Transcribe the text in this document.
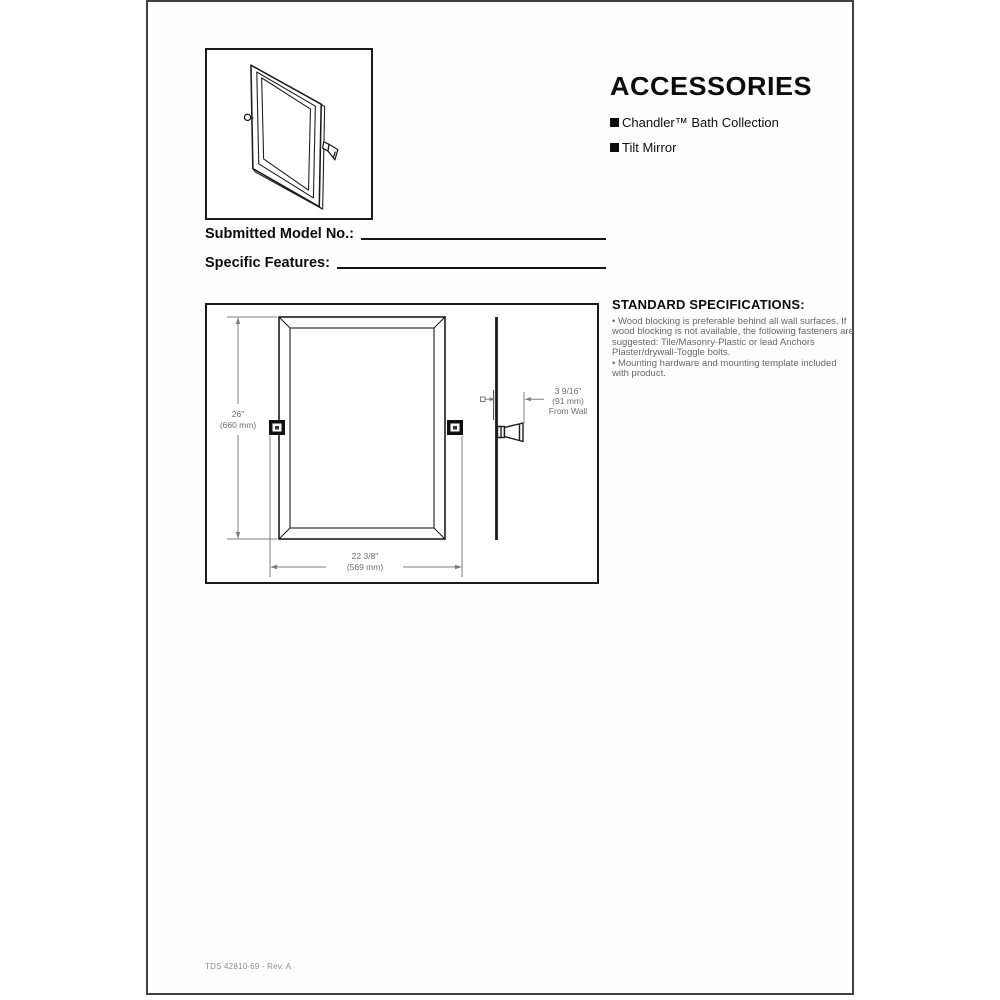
ACCESSORIES
Chandler™ Bath Collection
Tilt Mirror
Submitted Model No.:
Specific Features:
26"
(660 mm)
22 3/8"
(569 mm)
3 9/16"
(91 mm)
From Wall
STANDARD SPECIFICATIONS:

• Wood blocking is preferable behind all wall surfaces. If wood blocking is not available, the following fasteners are suggested: Tile/Masonry-Plastic or lead Anchors Plaster/drywall-Toggle bolts.

• Mounting hardware and mounting template included with product.

TDS 42810-69 - Rev. A
